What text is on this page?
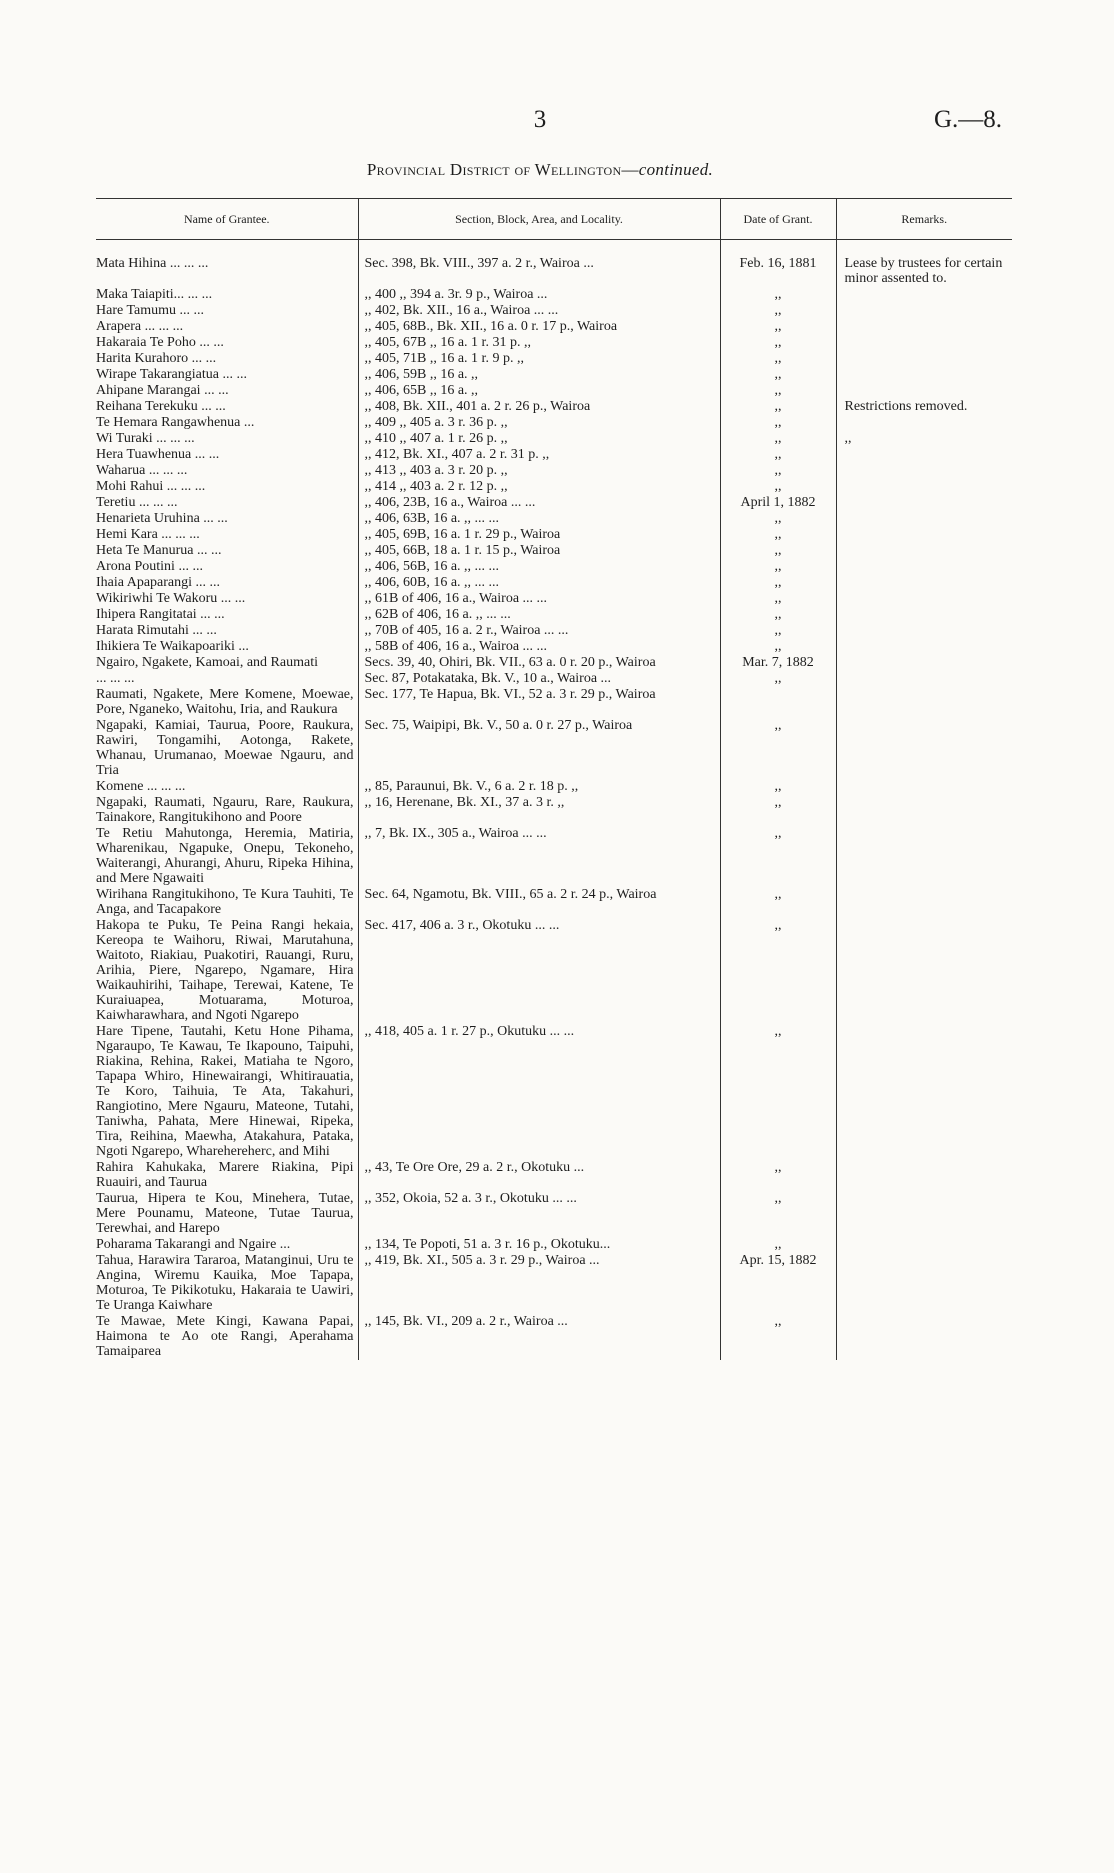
3	G.—8.
Provincial District of Wellington—continued.
Name of Grantee.	Section, Block, Area, and Locality.	Date of Grant.	Remarks.
Mata Hihina ... ... ...	Sec. 398, Bk. VIII., 397 a. 2 r., Wairoa ...	Feb. 16, 1881	Lease by trustees for certain minor assented to.
Maka Taiapiti... ... ...	,, 400 ,, 394 a. 3r. 9 p., Wairoa ...	,,	
Hare Tamumu ... ...	,, 402, Bk. XII., 16 a., Wairoa ... ...	,,	
Arapera ... ... ...	,, 405, 68B., Bk. XII., 16 a. 0 r. 17 p., Wairoa	,,	
Hakaraia Te Poho ... ...	,, 405, 67B ,, 16 a. 1 r. 31 p. ,,	,,	
Harita Kurahoro ... ...	,, 405, 71B ,, 16 a. 1 r. 9 p. ,,	,,	
Wirape Takarangiatua ... ...	,, 406, 59B ,, 16 a. ,,	,,	
Ahipane Marangai ... ...	,, 406, 65B ,, 16 a. ,,	,,	
Reihana Terekuku ... ...	,, 408, Bk. XII., 401 a. 2 r. 26 p., Wairoa	,,	Restrictions removed.
Te Hemara Rangawhenua ...	,, 409 ,, 405 a. 3 r. 36 p. ,,	,,	
Wi Turaki ... ... ...	,, 410 ,, 407 a. 1 r. 26 p. ,,	,,	,,
Hera Tuawhenua ... ...	,, 412, Bk. XI., 407 a. 2 r. 31 p. ,,	,,	
Waharua ... ... ...	,, 413 ,, 403 a. 3 r. 20 p. ,,	,,	
Mohi Rahui ... ... ...	,, 414 ,, 403 a. 2 r. 12 p. ,,	,,	
Teretiu ... ... ...	,, 406, 23B, 16 a., Wairoa ... ...	April 1, 1882	
Henarieta Uruhina ... ...	,, 406, 63B, 16 a. ,, ... ...	,,	
Hemi Kara ... ... ...	,, 405, 69B, 16 a. 1 r. 29 p., Wairoa	,,	
Heta Te Manurua ... ...	,, 405, 66B, 18 a. 1 r. 15 p., Wairoa	,,	
Arona Poutini ... ...	,, 406, 56B, 16 a. ,, ... ...	,,	
Ihaia Apaparangi ... ...	,, 406, 60B, 16 a. ,, ... ...	,,	
Wikiriwhi Te Wakoru ... ...	,, 61B of 406, 16 a., Wairoa ... ...	,,	
Ihipera Rangitatai ... ...	,, 62B of 406, 16 a. ,, ... ...	,,	
Harata Rimutahi ... ...	,, 70B of 405, 16 a. 2 r., Wairoa ... ...	,,	
Ihikiera Te Waikapoariki ...	,, 58B of 406, 16 a., Wairoa ... ...	,,	
Ngairo, Ngakete, Kamoai, and Raumati	Secs. 39, 40, Ohiri, Bk. VII., 63 a. 0 r. 20 p., Wairoa	Mar. 7, 1882	
... ... ...	Sec. 87, Potakataka, Bk. V., 10 a., Wairoa ...	,,	
Raumati, Ngakete, Mere Komene, Moewae, Pore, Nganeko, Waitohu, Iria, and Raukura	Sec. 177, Te Hapua, Bk. VI., 52 a. 3 r. 29 p., Wairoa		
Ngapaki, Kamiai, Taurua, Poore, Raukura, Rawiri, Tongamihi, Aotonga, Rakete, Whanau, Urumanao, Moewae Ngauru, and Tria	Sec. 75, Waipipi, Bk. V., 50 a. 0 r. 27 p., Wairoa	,,	
Komene ... ... ...	,, 85, Paraunui, Bk. V., 6 a. 2 r. 18 p. ,,	,,	
Ngapaki, Raumati, Ngauru, Rare, Raukura, Tainakore, Rangitukihono and Poore	,, 16, Herenane, Bk. XI., 37 a. 3 r. ,,	,,	
Te Retiu Mahutonga, Heremia, Matiria, Wharenikau, Ngapuke, Onepu, Tekoneho, Waiterangi, Ahurangi, Ahuru, Ripeka Hihina, and Mere Ngawaiti	,, 7, Bk. IX., 305 a., Wairoa ... ...	,,	
Wirihana Rangitukihono, Te Kura Tauhiti, Te Anga, and Tacapakore	Sec. 64, Ngamotu, Bk. VIII., 65 a. 2 r. 24 p., Wairoa	,,	
Hakopa te Puku, Te Peina Rangi hekaia, Kereopa te Waihoru, Riwai, Marutahuna, Waitoto, Riakiau, Puakotiri, Rauangi, Ruru, Arihia, Piere, Ngarepo, Ngamare, Hira Waikauhirihi, Taihape, Terewai, Katene, Te Kuraiuapea, Motuarama, Moturoa, Kaiwharawhara, and Ngoti Ngarepo	Sec. 417, 406 a. 3 r., Okotuku ... ...	,,	
Hare Tipene, Tautahi, Ketu Hone Pihama, Ngaraupo, Te Kawau, Te Ikapouno, Taipuhi, Riakina, Rehina, Rakei, Matiaha te Ngoro, Tapapa Whiro, Hinewairangi, Whitirauatia, Te Koro, Taihuia, Te Ata, Takahuri, Rangiotino, Mere Ngauru, Mateone, Tutahi, Taniwha, Pahata, Mere Hinewai, Ripeka, Tira, Reihina, Maewha, Atakahura, Pataka, Ngoti Ngarepo, Wharehereherc, and Mihi	,, 418, 405 a. 1 r. 27 p., Okutuku ... ...	,,	
Rahira Kahukaka, Marere Riakina, Pipi Ruauiri, and Taurua	,, 43, Te Ore Ore, 29 a. 2 r., Okotuku ...	,,	
Taurua, Hipera te Kou, Minehera, Tutae, Mere Pounamu, Mateone, Tutae Taurua, Terewhai, and Harepo	,, 352, Okoia, 52 a. 3 r., Okotuku ... ...	,,	
Poharama Takarangi and Ngaire ...	,, 134, Te Popoti, 51 a. 3 r. 16 p., Okotuku...	,,	
Tahua, Harawira Tararoa, Matanginui, Uru te Angina, Wiremu Kauika, Moe Tapapa, Moturoa, Te Pikikotuku, Hakaraia te Uawiri, Te Uranga Kaiwhare	,, 419, Bk. XI., 505 a. 3 r. 29 p., Wairoa ...	Apr. 15, 1882	
Te Mawae, Mete Kingi, Kawana Papai, Haimona te Ao ote Rangi, Aperahama Tamaiparea	,, 145, Bk. VI., 209 a. 2 r., Wairoa ...	,,	
